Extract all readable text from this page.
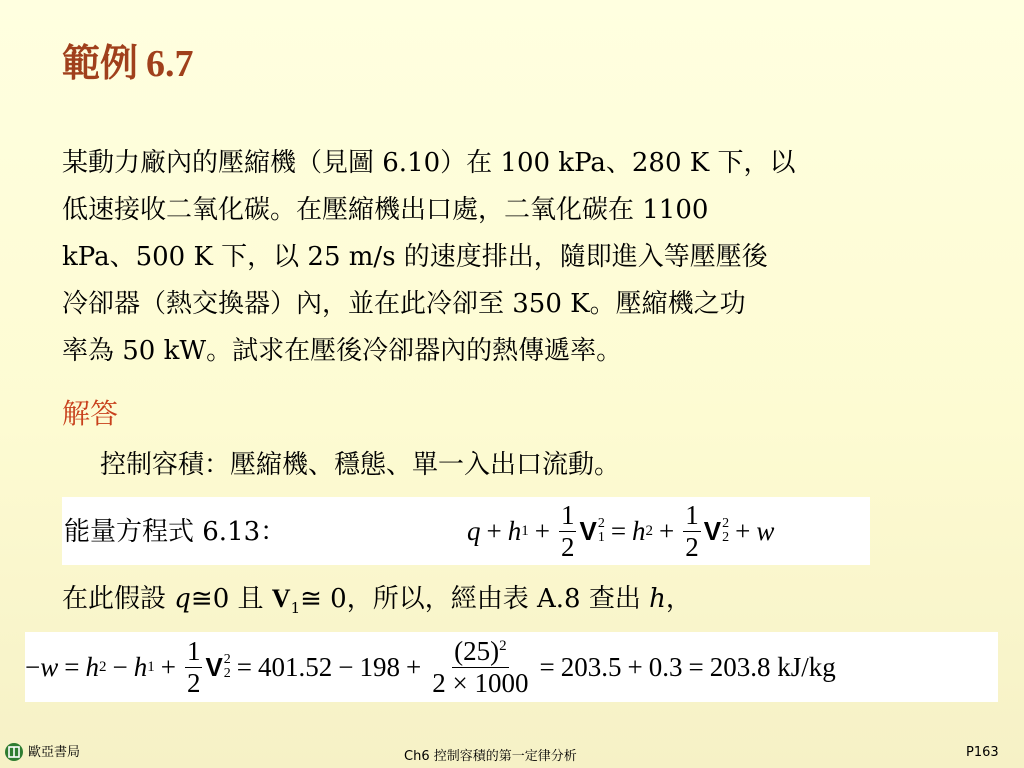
範例 6.7
某動力廠內的壓縮機（見圖 6.10）在 100 kPa、280 K 下，以
低速接收二氧化碳。在壓縮機出口處，二氧化碳在 1100
kPa、500 K 下，以 25 m/s 的速度排出，隨即進入等壓壓後
冷卻器（熱交換器）內，並在此冷卻至 350 K。壓縮機之功
率為 50 kW。試求在壓後冷卻器內的熱傳遞率。
解答
控制容積：壓縮機、穩態、單一入出口流動。
能量方程式 6.13：	q + h $1 + \frac{1}{2}$ V 2
1 = h $2 + \frac{1}{2}$ V 2
2 + w
在此假設 q≅0 且 $V_1≅$ 0，所以，經由表 A.8 查出 h，
− w = h 2 − h $1 + \frac{1}{2}$ V 2
$2 = 401.52 - 198 + \frac{(25)^2}{2 \times 1000} = 203.5 + 0.3 = 203.8$ kJ/kg
歐亞書局	Ch6 控制容積的第一定律分析	P163
